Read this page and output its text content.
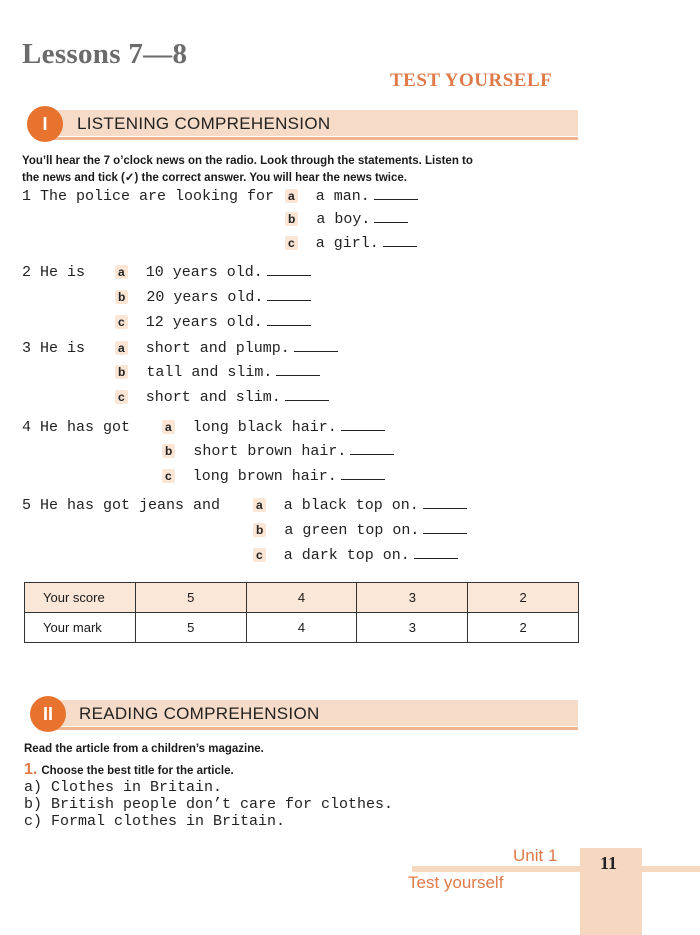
Lessons 7—8
TEST YOURSELF
I	LISTENING COMPREHENSION
You’ll hear the 7 o’clock news on the radio. Look through the statements. Listen to
the news and tick (✓) the correct answer. You will hear the news twice.
1 The police are looking for a a man.
b a boy.
c a girl.
2 He is	a 10 years old.
b 20 years old.
c 12 years old.
3 He is	a short and plump.
b tall and slim.
c short and slim.
4 He has got	a long black hair.
b short brown hair.
c long brown hair.
5 He has got jeans and	a a black top on.
b a green top on.
c a dark top on.
Your score	5	4	3	2
Your mark	5	4	3	2
II	READING COMPREHENSION
Read the article from a children’s magazine.
1. Choose the best title for the article.
a) Clothes in Britain.
b) British people don’t care for clothes.
c) Formal clothes in Britain.
Unit 1
Test yourself
11
